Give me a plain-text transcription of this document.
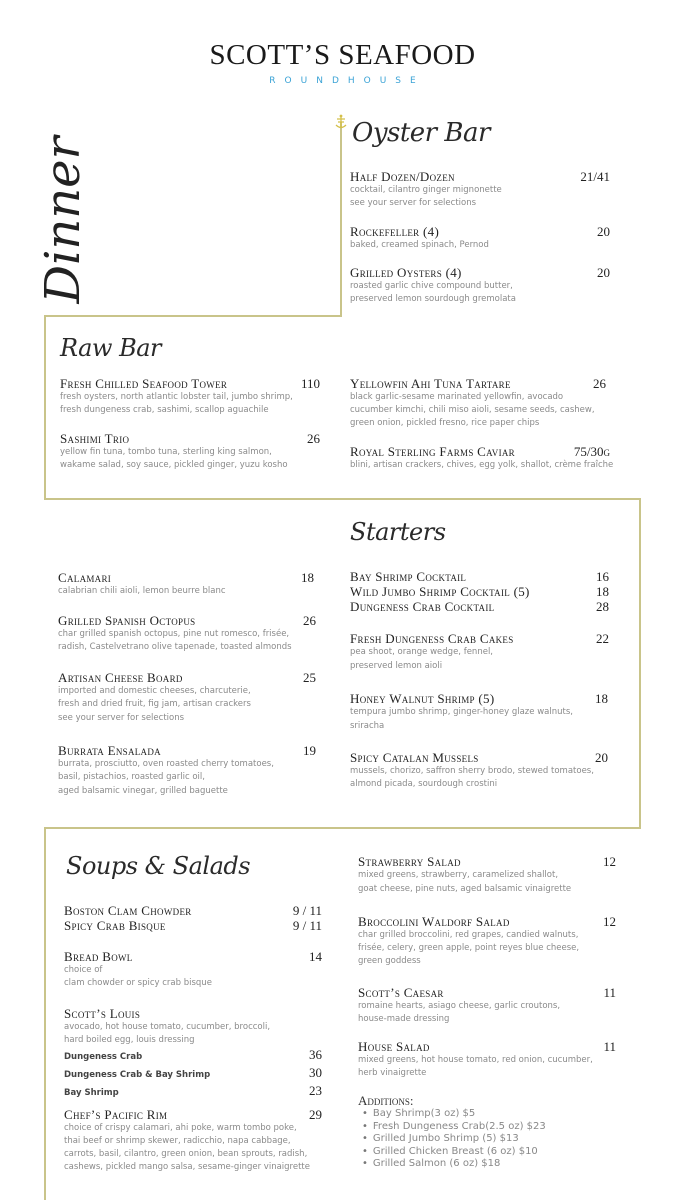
SCOTT’S SEAFOOD
ROUNDHOUSE
Dinner
Oyster Bar
Half Dozen/Dozen	21/41
cocktail, cilantro ginger mignonette
see your server for selections
Rockefeller (4)	20
baked, creamed spinach, Pernod
Grilled Oysters (4)	20
roasted garlic chive compound butter,
preserved lemon sourdough gremolata
Raw Bar
Fresh Chilled Seafood Tower	110
fresh oysters, north atlantic lobster tail, jumbo shrimp,
fresh dungeness crab, sashimi, scallop aguachile
Sashimi Trio	26
yellow fin tuna, tombo tuna, sterling king salmon,
wakame salad, soy sauce, pickled ginger, yuzu kosho
Yellowfin Ahi Tuna Tartare	26
black garlic-sesame marinated yellowfin, avocado
cucumber kimchi, chili miso aioli, sesame seeds, cashew,
green onion, pickled fresno, rice paper chips
Royal Sterling Farms Caviar	75/30g
blini, artisan crackers, chives, egg yolk, shallot, crème fraîche
Starters
Calamari	18
calabrian chili aioli, lemon beurre blanc
Grilled Spanish Octopus	26
char grilled spanish octopus, pine nut romesco, frisée,
radish, Castelvetrano olive tapenade, toasted almonds
Artisan Cheese Board	25
imported and domestic cheeses, charcuterie,
fresh and dried fruit, fig jam, artisan crackers
see your server for selections
Burrata Ensalada	19
burrata, prosciutto, oven roasted cherry tomatoes,
basil, pistachios, roasted garlic oil,
aged balsamic vinegar, grilled baguette
Bay Shrimp Cocktail	16
Wild Jumbo Shrimp Cocktail (5)	18
Dungeness Crab Cocktail	28
Fresh Dungeness Crab Cakes	22
pea shoot, orange wedge, fennel,
preserved lemon aioli
Honey Walnut Shrimp (5)	18
tempura jumbo shrimp, ginger-honey glaze walnuts,
sriracha
Spicy Catalan Mussels	20
mussels, chorizo, saffron sherry brodo, stewed tomatoes,
almond picada, sourdough crostini
Soups & Salads
Boston Clam Chowder	9 / 11
Spicy Crab Bisque	9 / 11
Bread Bowl	14
choice of
clam chowder or spicy crab bisque
Scott’s Louis
avocado, hot house tomato, cucumber, broccoli,
hard boiled egg, louis dressing
Dungeness Crab	36
Dungeness Crab & Bay Shrimp	30
Bay Shrimp	23
Chef’s Pacific Rim	29
choice of crispy calamari, ahi poke, warm tombo poke,
thai beef or shrimp skewer, radicchio, napa cabbage,
carrots, basil, cilantro, green onion, bean sprouts, radish,
cashews, pickled mango salsa, sesame-ginger vinaigrette
Strawberry Salad	12
mixed greens, strawberry, caramelized shallot,
goat cheese, pine nuts, aged balsamic vinaigrette
Broccolini Waldorf Salad	12
char grilled broccolini, red grapes, candied walnuts,
frisée, celery, green apple, point reyes blue cheese,
green goddess
Scott’s Caesar	11
romaine hearts, asiago cheese, garlic croutons,
house-made dressing
House Salad	11
mixed greens, hot house tomato, red onion, cucumber,
herb vinaigrette
Additions:
• Bay Shrimp(3 oz) $5
• Fresh Dungeness Crab(2.5 oz) $23
• Grilled Jumbo Shrimp (5) $13
• Grilled Chicken Breast (6 oz) $10
• Grilled Salmon (6 oz) $18
